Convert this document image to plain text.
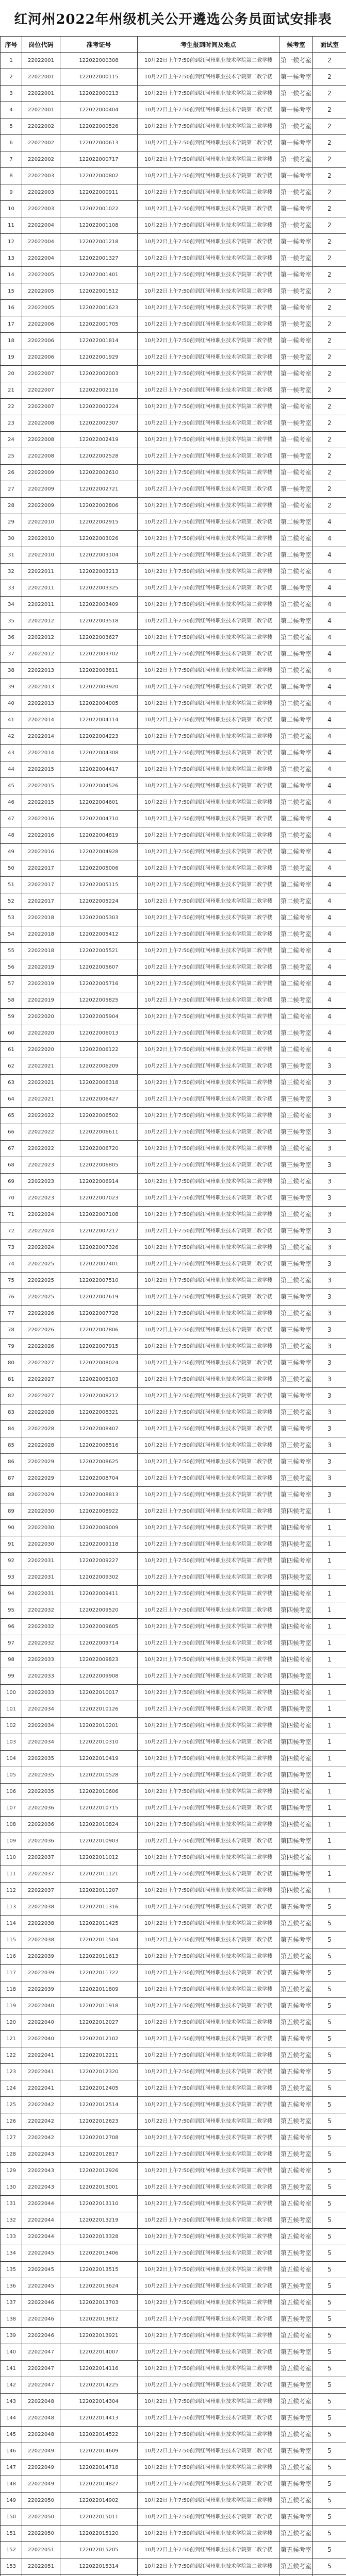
红河州2022年州级机关公开遴选公务员面试安排表
序号	岗位代码	准考证号	考生报到时间及地点	候考室	面试室
1	22022001	122022000308	10月22日上午7:50前到红河州职业技术学院第二教学楼	第一候考室	2
2	22022001	122022000115	10月22日上午7:50前到红河州职业技术学院第二教学楼	第一候考室	2
3	22022001	122022000213	10月22日上午7:50前到红河州职业技术学院第二教学楼	第一候考室	2
4	22022001	122022000404	10月22日上午7:50前到红河州职业技术学院第二教学楼	第一候考室	2
5	22022002	122022000526	10月22日上午7:50前到红河州职业技术学院第二教学楼	第一候考室	2
6	22022002	122022000613	10月22日上午7:50前到红河州职业技术学院第二教学楼	第一候考室	2
7	22022002	122022000717	10月22日上午7:50前到红河州职业技术学院第二教学楼	第一候考室	2
8	22022003	122022000802	10月22日上午7:50前到红河州职业技术学院第二教学楼	第一候考室	2
9	22022003	122022000911	10月22日上午7:50前到红河州职业技术学院第二教学楼	第一候考室	2
10	22022003	122022001022	10月22日上午7:50前到红河州职业技术学院第二教学楼	第一候考室	2
11	22022004	122022001108	10月22日上午7:50前到红河州职业技术学院第二教学楼	第一候考室	2
12	22022004	122022001218	10月22日上午7:50前到红河州职业技术学院第二教学楼	第一候考室	2
13	22022004	122022001327	10月22日上午7:50前到红河州职业技术学院第二教学楼	第一候考室	2
14	22022005	122022001401	10月22日上午7:50前到红河州职业技术学院第二教学楼	第一候考室	2
15	22022005	122022001512	10月22日上午7:50前到红河州职业技术学院第二教学楼	第一候考室	2
16	22022005	122022001623	10月22日上午7:50前到红河州职业技术学院第二教学楼	第一候考室	2
17	22022006	122022001705	10月22日上午7:50前到红河州职业技术学院第二教学楼	第一候考室	2
18	22022006	122022001814	10月22日上午7:50前到红河州职业技术学院第二教学楼	第一候考室	2
19	22022006	122022001929	10月22日上午7:50前到红河州职业技术学院第二教学楼	第一候考室	2
20	22022007	122022002003	10月22日上午7:50前到红河州职业技术学院第二教学楼	第一候考室	2
21	22022007	122022002116	10月22日上午7:50前到红河州职业技术学院第二教学楼	第一候考室	2
22	22022007	122022002224	10月22日上午7:50前到红河州职业技术学院第二教学楼	第一候考室	2
23	22022008	122022002307	10月22日上午7:50前到红河州职业技术学院第二教学楼	第一候考室	2
24	22022008	122022002419	10月22日上午7:50前到红河州职业技术学院第二教学楼	第一候考室	2
25	22022008	122022002528	10月22日上午7:50前到红河州职业技术学院第二教学楼	第一候考室	2
26	22022009	122022002610	10月22日上午7:50前到红河州职业技术学院第二教学楼	第一候考室	2
27	22022009	122022002721	10月22日上午7:50前到红河州职业技术学院第二教学楼	第一候考室	2
28	22022009	122022002806	10月22日上午7:50前到红河州职业技术学院第二教学楼	第一候考室	2
29	22022010	122022002915	10月22日上午7:50前到红河州职业技术学院第二教学楼	第二候考室	4
30	22022010	122022003026	10月22日上午7:50前到红河州职业技术学院第二教学楼	第二候考室	4
31	22022010	122022003104	10月22日上午7:50前到红河州职业技术学院第二教学楼	第二候考室	4
32	22022011	122022003213	10月22日上午7:50前到红河州职业技术学院第二教学楼	第二候考室	4
33	22022011	122022003325	10月22日上午7:50前到红河州职业技术学院第二教学楼	第二候考室	4
34	22022011	122022003409	10月22日上午7:50前到红河州职业技术学院第二教学楼	第二候考室	4
35	22022012	122022003518	10月22日上午7:50前到红河州职业技术学院第二教学楼	第二候考室	4
36	22022012	122022003627	10月22日上午7:50前到红河州职业技术学院第二教学楼	第二候考室	4
37	22022012	122022003702	10月22日上午7:50前到红河州职业技术学院第二教学楼	第二候考室	4
38	22022013	122022003811	10月22日上午7:50前到红河州职业技术学院第二教学楼	第二候考室	4
39	22022013	122022003920	10月22日上午7:50前到红河州职业技术学院第二教学楼	第二候考室	4
40	22022013	122022004005	10月22日上午7:50前到红河州职业技术学院第二教学楼	第二候考室	4
41	22022014	122022004114	10月22日上午7:50前到红河州职业技术学院第二教学楼	第二候考室	4
42	22022014	122022004223	10月22日上午7:50前到红河州职业技术学院第二教学楼	第二候考室	4
43	22022014	122022004308	10月22日上午7:50前到红河州职业技术学院第二教学楼	第二候考室	4
44	22022015	122022004417	10月22日上午7:50前到红河州职业技术学院第二教学楼	第二候考室	4
45	22022015	122022004526	10月22日上午7:50前到红河州职业技术学院第二教学楼	第二候考室	4
46	22022015	122022004601	10月22日上午7:50前到红河州职业技术学院第二教学楼	第二候考室	4
47	22022016	122022004710	10月22日上午7:50前到红河州职业技术学院第二教学楼	第二候考室	4
48	22022016	122022004819	10月22日上午7:50前到红河州职业技术学院第二教学楼	第二候考室	4
49	22022016	122022004928	10月22日上午7:50前到红河州职业技术学院第二教学楼	第二候考室	4
50	22022017	122022005006	10月22日上午7:50前到红河州职业技术学院第二教学楼	第二候考室	4
51	22022017	122022005115	10月22日上午7:50前到红河州职业技术学院第二教学楼	第二候考室	4
52	22022017	122022005224	10月22日上午7:50前到红河州职业技术学院第二教学楼	第二候考室	4
53	22022018	122022005303	10月22日上午7:50前到红河州职业技术学院第二教学楼	第二候考室	4
54	22022018	122022005412	10月22日上午7:50前到红河州职业技术学院第二教学楼	第二候考室	4
55	22022018	122022005521	10月22日上午7:50前到红河州职业技术学院第二教学楼	第二候考室	4
56	22022019	122022005607	10月22日上午7:50前到红河州职业技术学院第二教学楼	第二候考室	4
57	22022019	122022005716	10月22日上午7:50前到红河州职业技术学院第二教学楼	第二候考室	4
58	22022019	122022005825	10月22日上午7:50前到红河州职业技术学院第二教学楼	第二候考室	4
59	22022020	122022005904	10月22日上午7:50前到红河州职业技术学院第二教学楼	第二候考室	4
60	22022020	122022006013	10月22日上午7:50前到红河州职业技术学院第二教学楼	第二候考室	4
61	22022020	122022006122	10月22日上午7:50前到红河州职业技术学院第二教学楼	第二候考室	4
62	22022021	122022006209	10月22日上午7:50前到红河州职业技术学院第二教学楼	第三候考室	3
63	22022021	122022006318	10月22日上午7:50前到红河州职业技术学院第二教学楼	第三候考室	3
64	22022021	122022006427	10月22日上午7:50前到红河州职业技术学院第二教学楼	第三候考室	3
65	22022022	122022006502	10月22日上午7:50前到红河州职业技术学院第二教学楼	第三候考室	3
66	22022022	122022006611	10月22日上午7:50前到红河州职业技术学院第二教学楼	第三候考室	3
67	22022022	122022006720	10月22日上午7:50前到红河州职业技术学院第二教学楼	第三候考室	3
68	22022023	122022006805	10月22日上午7:50前到红河州职业技术学院第二教学楼	第三候考室	3
69	22022023	122022006914	10月22日上午7:50前到红河州职业技术学院第二教学楼	第三候考室	3
70	22022023	122022007023	10月22日上午7:50前到红河州职业技术学院第二教学楼	第三候考室	3
71	22022024	122022007108	10月22日上午7:50前到红河州职业技术学院第二教学楼	第三候考室	3
72	22022024	122022007217	10月22日上午7:50前到红河州职业技术学院第二教学楼	第三候考室	3
73	22022024	122022007326	10月22日上午7:50前到红河州职业技术学院第二教学楼	第三候考室	3
74	22022025	122022007401	10月22日上午7:50前到红河州职业技术学院第二教学楼	第三候考室	3
75	22022025	122022007510	10月22日上午7:50前到红河州职业技术学院第二教学楼	第三候考室	3
76	22022025	122022007619	10月22日上午7:50前到红河州职业技术学院第二教学楼	第三候考室	3
77	22022026	122022007728	10月22日上午7:50前到红河州职业技术学院第二教学楼	第三候考室	3
78	22022026	122022007806	10月22日上午7:50前到红河州职业技术学院第二教学楼	第三候考室	3
79	22022026	122022007915	10月22日上午7:50前到红河州职业技术学院第二教学楼	第三候考室	3
80	22022027	122022008024	10月22日上午7:50前到红河州职业技术学院第二教学楼	第三候考室	3
81	22022027	122022008103	10月22日上午7:50前到红河州职业技术学院第二教学楼	第三候考室	3
82	22022027	122022008212	10月22日上午7:50前到红河州职业技术学院第二教学楼	第三候考室	3
83	22022028	122022008321	10月22日上午7:50前到红河州职业技术学院第二教学楼	第三候考室	3
84	22022028	122022008407	10月22日上午7:50前到红河州职业技术学院第二教学楼	第三候考室	3
85	22022028	122022008516	10月22日上午7:50前到红河州职业技术学院第二教学楼	第三候考室	3
86	22022029	122022008625	10月22日上午7:50前到红河州职业技术学院第二教学楼	第三候考室	3
87	22022029	122022008704	10月22日上午7:50前到红河州职业技术学院第二教学楼	第三候考室	3
88	22022029	122022008813	10月22日上午7:50前到红河州职业技术学院第二教学楼	第三候考室	3
89	22022030	122022008922	10月22日上午7:50前到红河州职业技术学院第二教学楼	第四候考室	1
90	22022030	122022009009	10月22日上午7:50前到红河州职业技术学院第二教学楼	第四候考室	1
91	22022030	122022009118	10月22日上午7:50前到红河州职业技术学院第二教学楼	第四候考室	1
92	22022031	122022009227	10月22日上午7:50前到红河州职业技术学院第二教学楼	第四候考室	1
93	22022031	122022009302	10月22日上午7:50前到红河州职业技术学院第二教学楼	第四候考室	1
94	22022031	122022009411	10月22日上午7:50前到红河州职业技术学院第二教学楼	第四候考室	1
95	22022032	122022009520	10月22日上午7:50前到红河州职业技术学院第二教学楼	第四候考室	1
96	22022032	122022009605	10月22日上午7:50前到红河州职业技术学院第二教学楼	第四候考室	1
97	22022032	122022009714	10月22日上午7:50前到红河州职业技术学院第二教学楼	第四候考室	1
98	22022033	122022009823	10月22日上午7:50前到红河州职业技术学院第二教学楼	第四候考室	1
99	22022033	122022009908	10月22日上午7:50前到红河州职业技术学院第二教学楼	第四候考室	1
100	22022033	122022010017	10月22日上午7:50前到红河州职业技术学院第二教学楼	第四候考室	1
101	22022034	122022010126	10月22日上午7:50前到红河州职业技术学院第二教学楼	第四候考室	1
102	22022034	122022010201	10月22日上午7:50前到红河州职业技术学院第二教学楼	第四候考室	1
103	22022034	122022010310	10月22日上午7:50前到红河州职业技术学院第二教学楼	第四候考室	1
104	22022035	122022010419	10月22日上午7:50前到红河州职业技术学院第二教学楼	第四候考室	1
105	22022035	122022010528	10月22日上午7:50前到红河州职业技术学院第二教学楼	第四候考室	1
106	22022035	122022010606	10月22日上午7:50前到红河州职业技术学院第二教学楼	第四候考室	1
107	22022036	122022010715	10月22日上午7:50前到红河州职业技术学院第二教学楼	第四候考室	1
108	22022036	122022010824	10月22日上午7:50前到红河州职业技术学院第二教学楼	第四候考室	1
109	22022036	122022010903	10月22日上午7:50前到红河州职业技术学院第二教学楼	第四候考室	1
110	22022037	122022011012	10月22日上午7:50前到红河州职业技术学院第二教学楼	第四候考室	1
111	22022037	122022011121	10月22日上午7:50前到红河州职业技术学院第二教学楼	第四候考室	1
112	22022037	122022011207	10月22日上午7:50前到红河州职业技术学院第二教学楼	第四候考室	1
113	22022038	122022011316	10月22日上午7:50前到红河州职业技术学院第二教学楼	第五候考室	5
114	22022038	122022011425	10月22日上午7:50前到红河州职业技术学院第二教学楼	第五候考室	5
115	22022038	122022011504	10月22日上午7:50前到红河州职业技术学院第二教学楼	第五候考室	5
116	22022039	122022011613	10月22日上午7:50前到红河州职业技术学院第二教学楼	第五候考室	5
117	22022039	122022011722	10月22日上午7:50前到红河州职业技术学院第二教学楼	第五候考室	5
118	22022039	122022011809	10月22日上午7:50前到红河州职业技术学院第二教学楼	第五候考室	5
119	22022040	122022011918	10月22日上午7:50前到红河州职业技术学院第二教学楼	第五候考室	5
120	22022040	122022012027	10月22日上午7:50前到红河州职业技术学院第二教学楼	第五候考室	5
121	22022040	122022012102	10月22日上午7:50前到红河州职业技术学院第二教学楼	第五候考室	5
122	22022041	122022012211	10月22日上午7:50前到红河州职业技术学院第二教学楼	第五候考室	5
123	22022041	122022012320	10月22日上午7:50前到红河州职业技术学院第二教学楼	第五候考室	5
124	22022041	122022012405	10月22日上午7:50前到红河州职业技术学院第二教学楼	第五候考室	5
125	22022042	122022012514	10月22日上午7:50前到红河州职业技术学院第二教学楼	第五候考室	5
126	22022042	122022012623	10月22日上午7:50前到红河州职业技术学院第二教学楼	第五候考室	5
127	22022042	122022012708	10月22日上午7:50前到红河州职业技术学院第二教学楼	第五候考室	5
128	22022043	122022012817	10月22日上午7:50前到红河州职业技术学院第二教学楼	第五候考室	5
129	22022043	122022012926	10月22日上午7:50前到红河州职业技术学院第二教学楼	第五候考室	5
130	22022043	122022013001	10月22日上午7:50前到红河州职业技术学院第二教学楼	第五候考室	5
131	22022044	122022013110	10月22日上午7:50前到红河州职业技术学院第二教学楼	第五候考室	5
132	22022044	122022013219	10月22日上午7:50前到红河州职业技术学院第二教学楼	第五候考室	5
133	22022044	122022013328	10月22日上午7:50前到红河州职业技术学院第二教学楼	第五候考室	5
134	22022045	122022013406	10月22日上午7:50前到红河州职业技术学院第二教学楼	第五候考室	5
135	22022045	122022013515	10月22日上午7:50前到红河州职业技术学院第二教学楼	第五候考室	5
136	22022045	122022013624	10月22日上午7:50前到红河州职业技术学院第二教学楼	第五候考室	5
137	22022046	122022013703	10月22日上午7:50前到红河州职业技术学院第二教学楼	第五候考室	5
138	22022046	122022013812	10月22日上午7:50前到红河州职业技术学院第二教学楼	第五候考室	5
139	22022046	122022013921	10月22日上午7:50前到红河州职业技术学院第二教学楼	第五候考室	5
140	22022047	122022014007	10月22日上午7:50前到红河州职业技术学院第二教学楼	第五候考室	5
141	22022047	122022014116	10月22日上午7:50前到红河州职业技术学院第二教学楼	第五候考室	5
142	22022047	122022014225	10月22日上午7:50前到红河州职业技术学院第二教学楼	第五候考室	5
143	22022048	122022014304	10月22日上午7:50前到红河州职业技术学院第二教学楼	第五候考室	5
144	22022048	122022014413	10月22日上午7:50前到红河州职业技术学院第二教学楼	第五候考室	5
145	22022048	122022014522	10月22日上午7:50前到红河州职业技术学院第二教学楼	第五候考室	5
146	22022049	122022014609	10月22日上午7:50前到红河州职业技术学院第二教学楼	第五候考室	5
147	22022049	122022014718	10月22日上午7:50前到红河州职业技术学院第二教学楼	第五候考室	5
148	22022049	122022014827	10月22日上午7:50前到红河州职业技术学院第二教学楼	第五候考室	5
149	22022050	122022014902	10月22日上午7:50前到红河州职业技术学院第二教学楼	第五候考室	5
150	22022050	122022015011	10月22日上午7:50前到红河州职业技术学院第二教学楼	第五候考室	5
151	22022050	122022015120	10月22日上午7:50前到红河州职业技术学院第二教学楼	第五候考室	5
152	22022051	122022015205	10月22日上午7:50前到红河州职业技术学院第二教学楼	第五候考室	5
153	22022051	122022015314	10月22日上午7:50前到红河州职业技术学院第二教学楼	第五候考室	5
